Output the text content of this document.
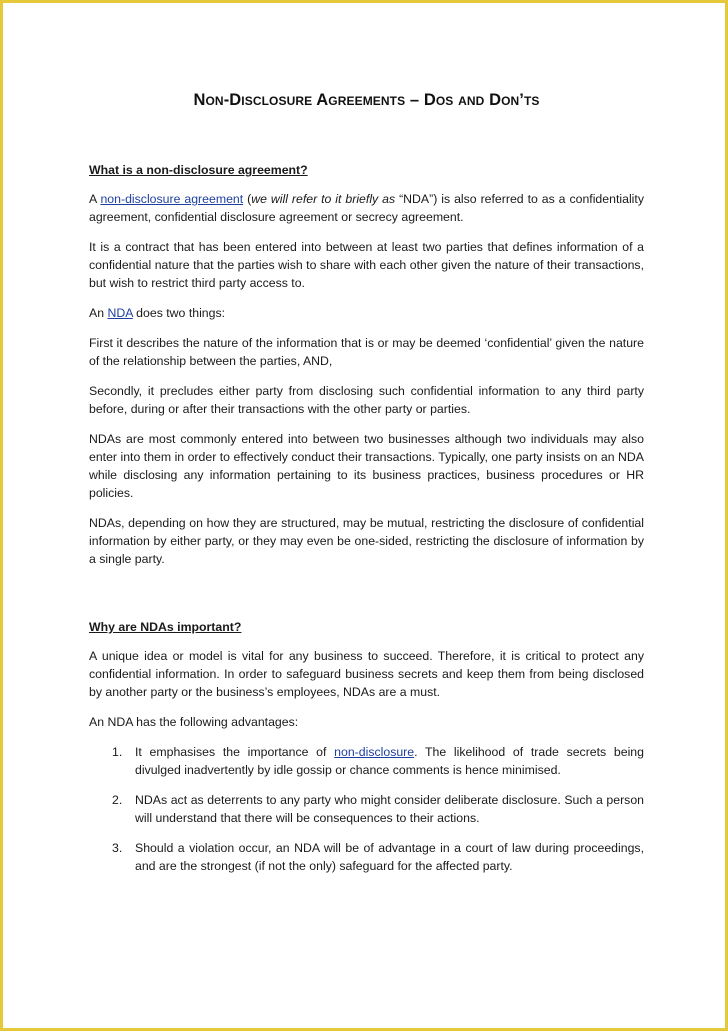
Non-Disclosure Agreements – Dos and Don’ts
What is a non-disclosure agreement?

A non-disclosure agreement (we will refer to it briefly as “NDA”) is also referred to as a confidentiality agreement, confidential disclosure agreement or secrecy agreement.

It is a contract that has been entered into between at least two parties that defines information of a confidential nature that the parties wish to share with each other given the nature of their transactions, but wish to restrict third party access to.

An NDA does two things:

First it describes the nature of the information that is or may be deemed ‘confidential’ given the nature of the relationship between the parties, AND,

Secondly, it precludes either party from disclosing such confidential information to any third party before, during or after their transactions with the other party or parties.

NDAs are most commonly entered into between two businesses although two individuals may also enter into them in order to effectively conduct their transactions. Typically, one party insists on an NDA while disclosing any information pertaining to its business practices, business procedures or HR policies.

NDAs, depending on how they are structured, may be mutual, restricting the disclosure of confidential information by either party, or they may even be one-sided, restricting the disclosure of information by a single party.

Why are NDAs important?

A unique idea or model is vital for any business to succeed. Therefore, it is critical to protect any confidential information. In order to safeguard business secrets and keep them from being disclosed by another party or the business’s employees, NDAs are a must.

An NDA has the following advantages:

1. It emphasises the importance of non-disclosure. The likelihood of trade secrets being divulged inadvertently by idle gossip or chance comments is hence minimised.
2. NDAs act as deterrents to any party who might consider deliberate disclosure. Such a person will understand that there will be consequences to their actions.
3. Should a violation occur, an NDA will be of advantage in a court of law during proceedings, and are the strongest (if not the only) safeguard for the affected party.
